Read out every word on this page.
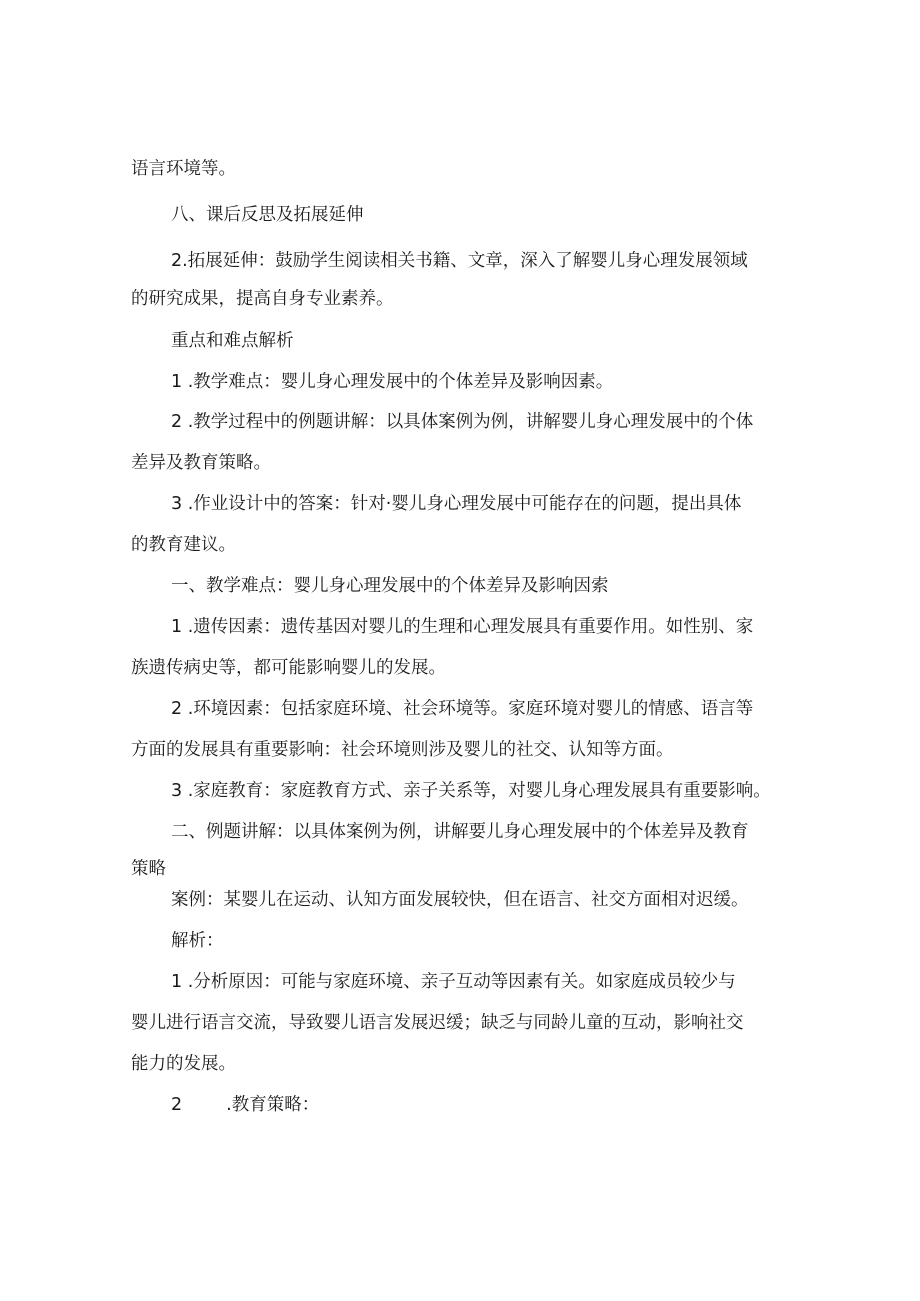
语言环境等。
八、课后反思及拓展延伸
2.拓展延伸：鼓励学生阅读相关书籍、文章，深入了解婴儿身心理发展领域
的研究成果，提高自身专业素养。
重点和难点解析
1 .教学难点：婴儿身心理发展中的个体差异及影响因素。
2 .教学过程中的例题讲解：以具体案例为例，讲解婴儿身心理发展中的个体
差异及教育策略。
3 .作业设计中的答案：针对·婴儿身心理发展中可能存在的问题，提出具体
的教育建议。
一、教学难点：婴儿身心理发展中的个体差异及影响因索
1 .遗传因素：遗传基因对婴儿的生理和心理发展具有重要作用。如性别、家
族遗传病史等，都可能影响婴儿的发展。
2 .环境因素：包括家庭环境、社会环境等。家庭环境对婴儿的情感、语言等
方面的发展具有重要影响：社会环境则涉及婴儿的社交、认知等方面。
3 .家庭教育：家庭教育方式、亲子关系等，对婴儿身心理发展具有重要影响。
二、例题讲解：以具体案例为例，讲解要儿身心理发展中的个体差异及教育
策略
案例：某婴儿在运动、认知方面发展较快，但在语言、社交方面相对迟缓。
解析：
1 .分析原因：可能与家庭环境、亲子互动等因素有关。如家庭成员较少与
婴儿进行语言交流，导致婴儿语言发展迟缓；缺乏与同龄儿童的互动，影响社交
能力的发展。
2	.教育策略：
